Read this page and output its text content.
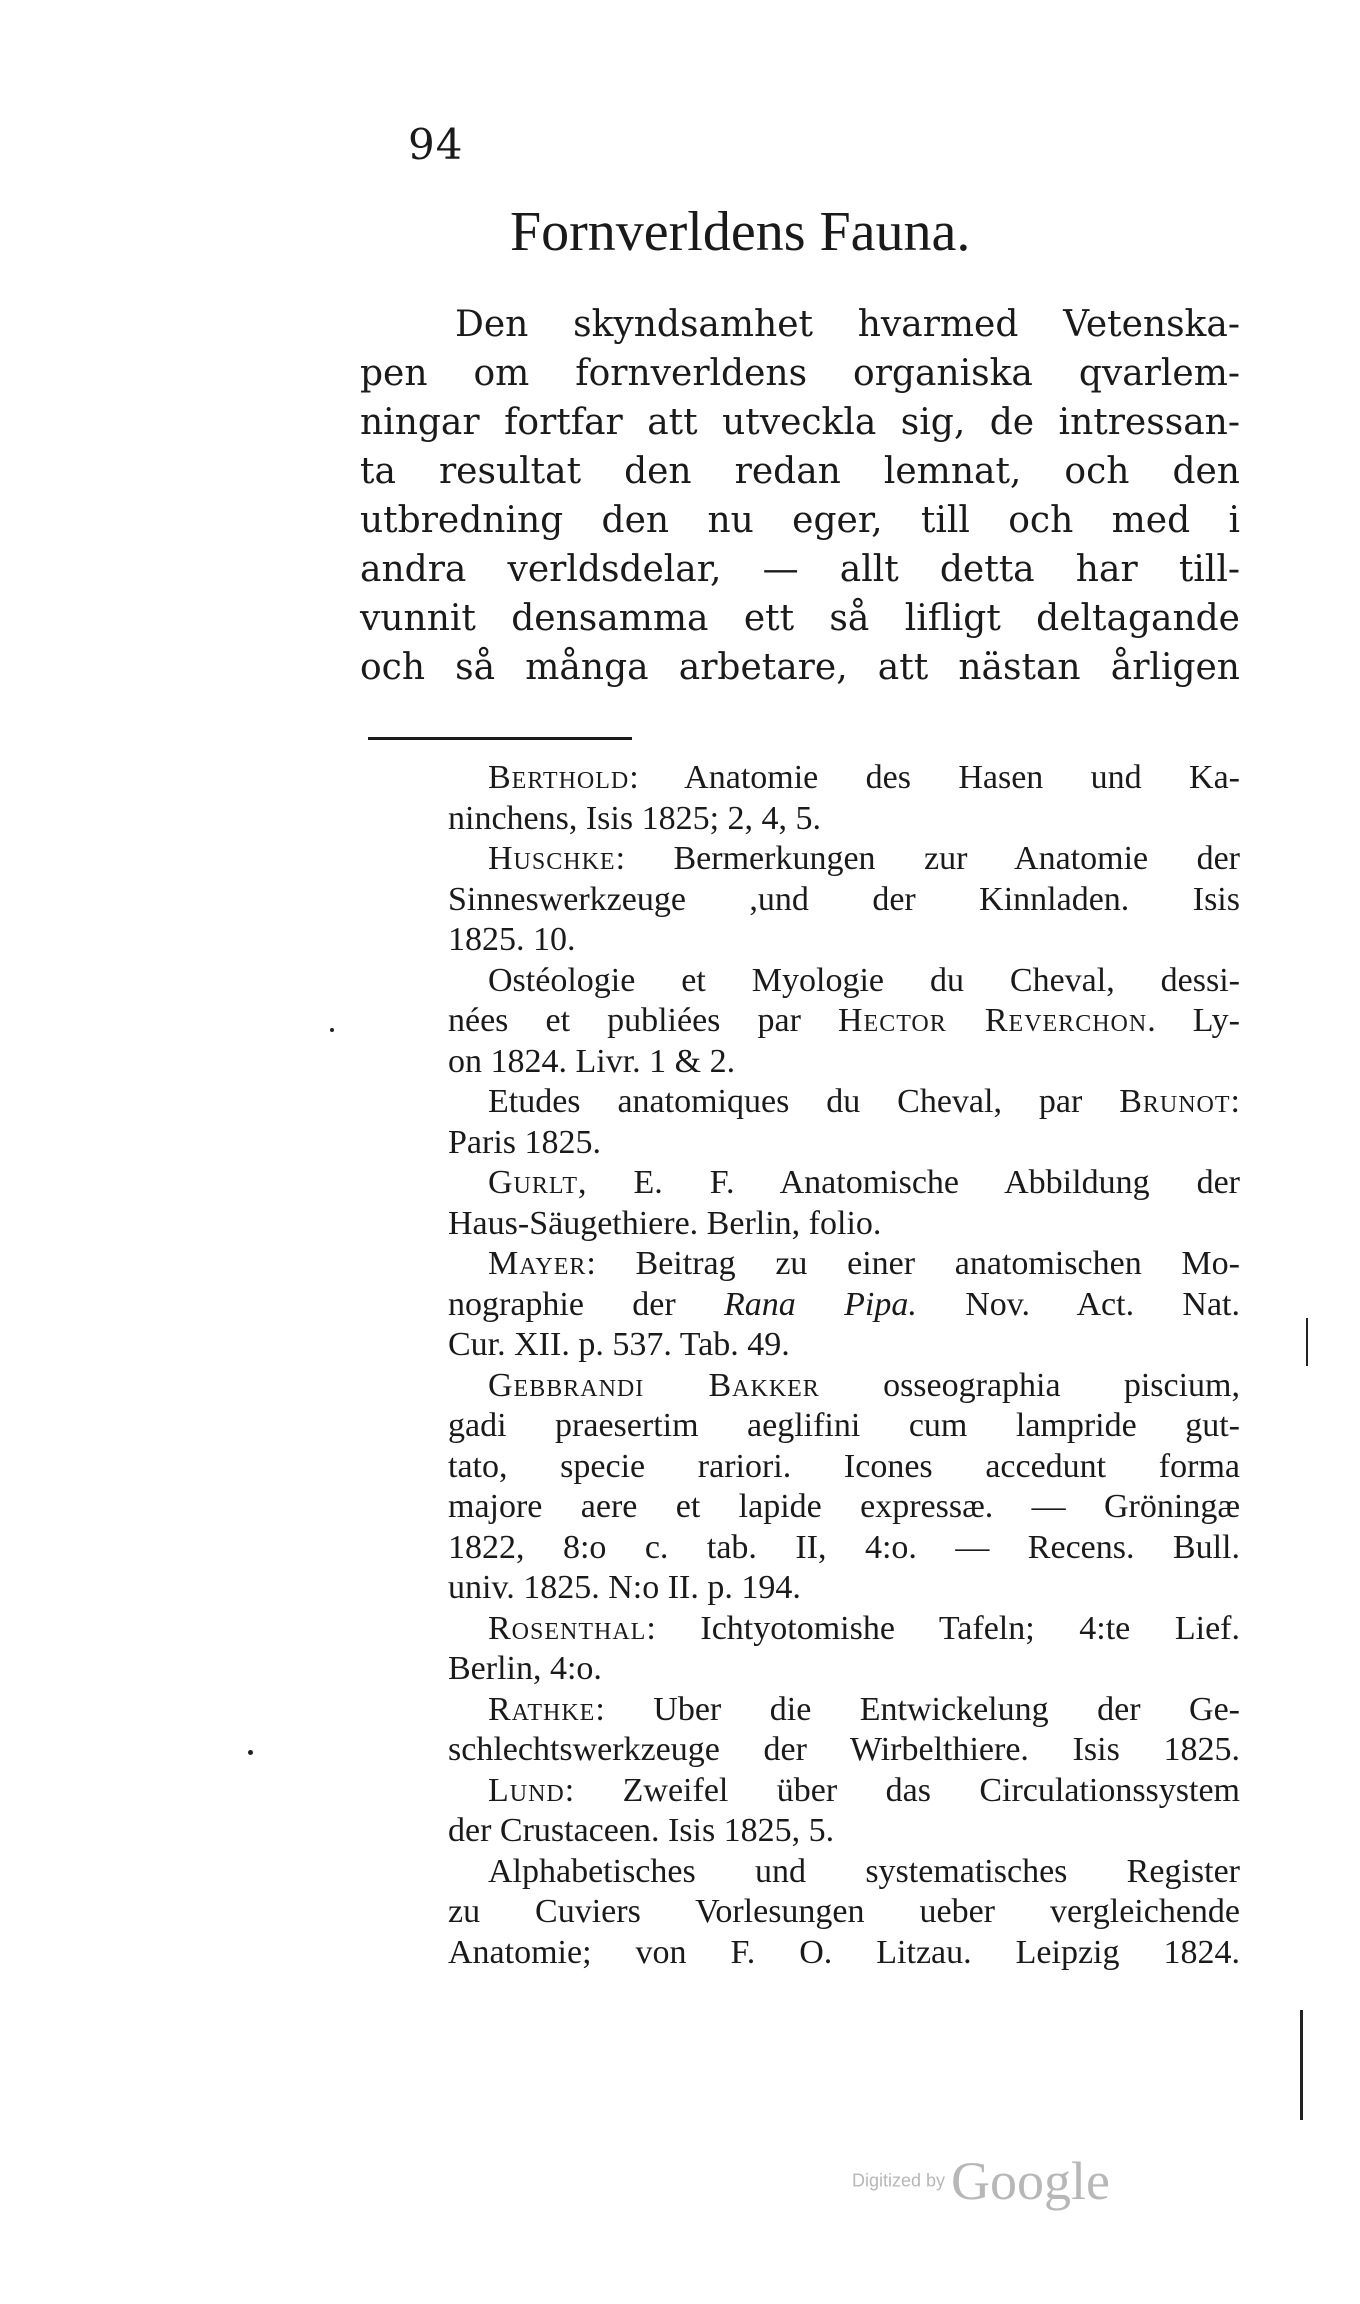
94
Fornverldens Fauna.
Den skyndsamhet hvarmed Vetenska-
pen om fornverldens organiska qvarlem-
ningar fortfar att utveckla sig, de intressan-
ta resultat den redan lemnat, och den
utbredning den nu eger, till och med i
andra verldsdelar, — allt detta har till-
vunnit densamma ett så lifligt deltagande
och så många arbetare, att nästan årligen
Berthold: Anatomie des Hasen und Ka-
ninchens, Isis 1825; 2, 4, 5.
Huschke: Bermerkungen zur Anatomie der
Sinneswerkzeuge ,und der Kinnladen. Isis
1825. 10.
Ostéologie et Myologie du Cheval, dessi-
nées et publiées par Hector Reverchon. Ly-
on 1824. Livr. 1 & 2.
Etudes anatomiques du Cheval, par Brunot:
Paris 1825.
Gurlt, E. F. Anatomische Abbildung der
Haus-Säugethiere. Berlin, folio.
Mayer: Beitrag zu einer anatomischen Mo-
nographie der Rana Pipa. Nov. Act. Nat.
Cur. XII. p. 537. Tab. 49.
Gebbrandi Bakker osseographia piscium,
gadi praesertim aeglifini cum lampride gut-
tato, specie rariori. Icones accedunt forma
majore aere et lapide expressæ. — Gröningæ
1822, 8:o c. tab. II, 4:o. — Recens. Bull.
univ. 1825. N:o II. p. 194.
Rosenthal: Ichtyotomishe Tafeln; 4:te Lief.
Berlin, 4:o.
Rathke: Uber die Entwickelung der Ge-
schlechtswerkzeuge der Wirbelthiere. Isis 1825.
Lund: Zweifel über das Circulationssystem
der Crustaceen. Isis 1825, 5.
Alphabetisches und systematisches Register
zu Cuviers Vorlesungen ueber vergleichende
Anatomie; von F. O. Litzau. Leipzig 1824.
Digitized by Google
